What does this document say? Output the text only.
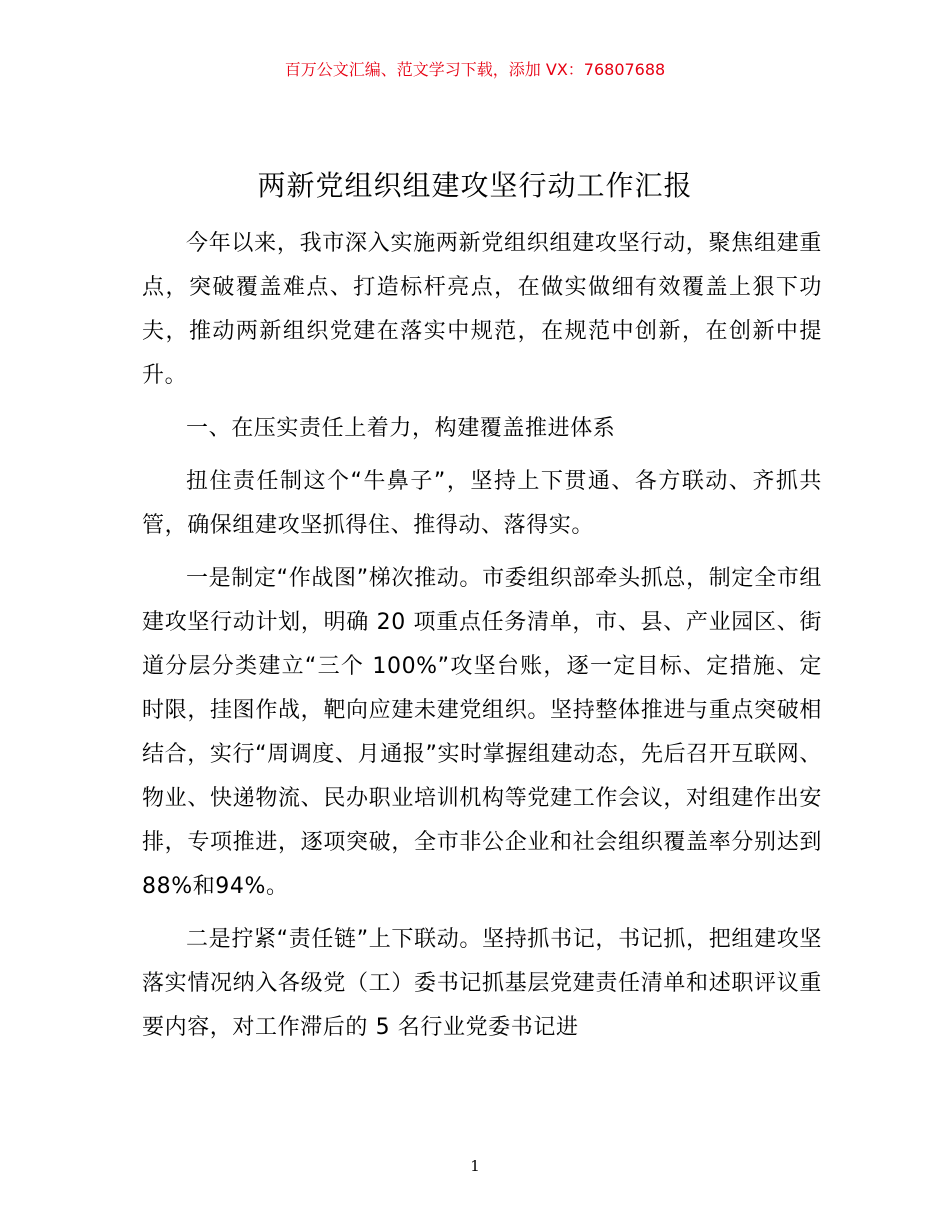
百万公文汇编、范文学习下载，添加 VX：76807688
两新党组织组建攻坚行动工作汇报

今年以来，我市深入实施两新党组织组建攻坚行动，聚焦组建重点，突破覆盖难点、打造标杆亮点，在做实做细有效覆盖上狠下功夫，推动两新组织党建在落实中规范，在规范中创新，在创新中提升。

一、在压实责任上着力，构建覆盖推进体系

扭住责任制这个“牛鼻子”，坚持上下贯通、各方联动、齐抓共管，确保组建攻坚抓得住、推得动、落得实。

一是制定“作战图”梯次推动。市委组织部牵头抓总，制定全市组建攻坚行动计划，明确 20 项重点任务清单，市、县、产业园区、街道分层分类建立“三个 100%”攻坚台账，逐一定目标、定措施、定时限，挂图作战，靶向应建未建党组织。坚持整体推进与重点突破相结合，实行“周调度、月通报”实时掌握组建动态，先后召开互联网、物业、快递物流、民办职业培训机构等党建工作会议，对组建作出安排，专项推进，逐项突破，全市非公企业和社会组织覆盖率分别达到 88%和94%。

二是拧紧“责任链”上下联动。坚持抓书记，书记抓，把组建攻坚落实情况纳入各级党（工）委书记抓基层党建责任清单和述职评议重要内容，对工作滞后的 5 名行业党委书记进

1
